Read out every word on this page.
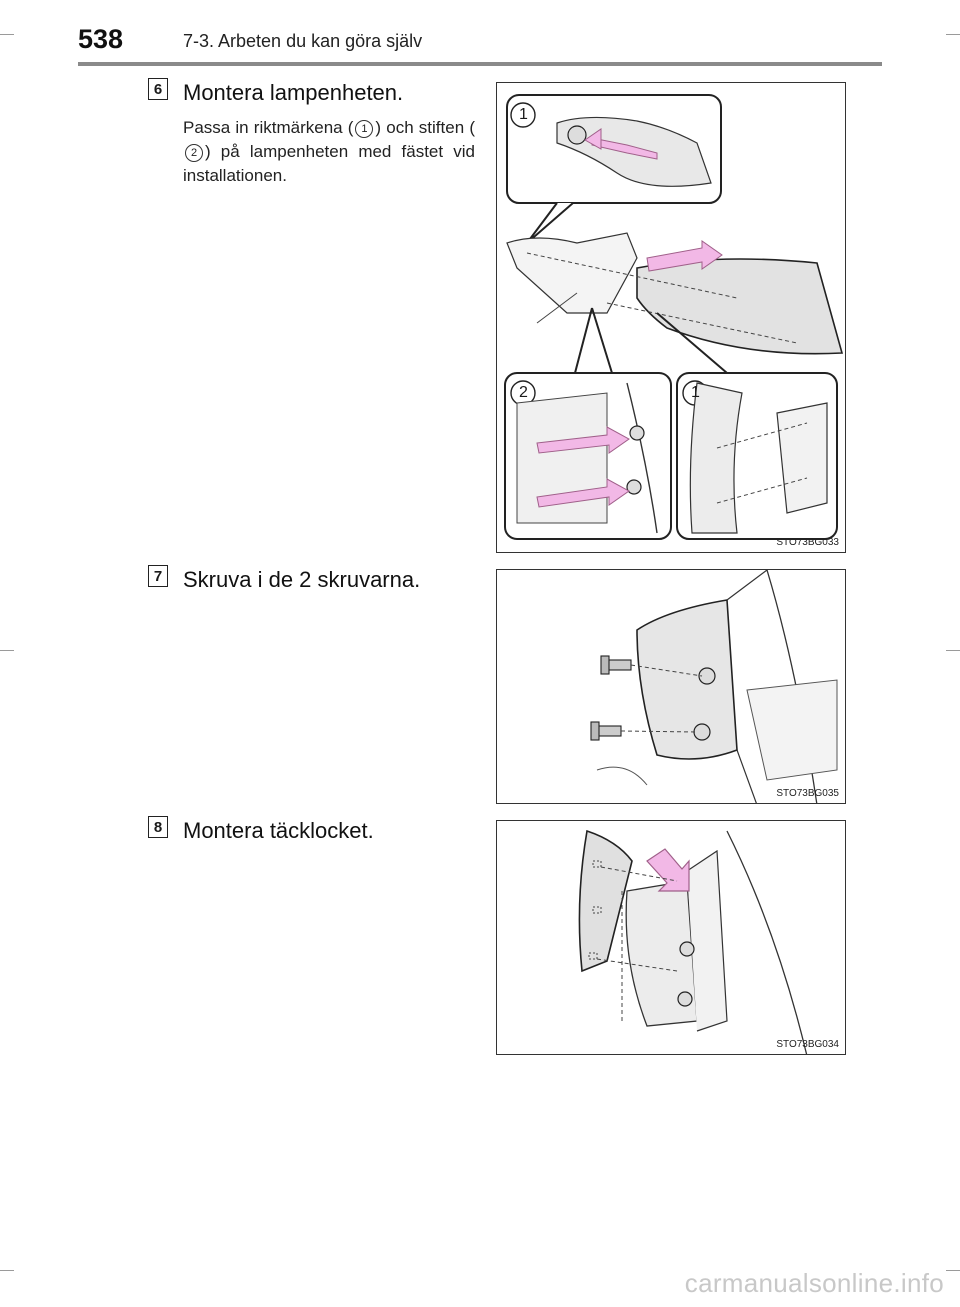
538	7-3. Arbeten du kan göra själv
6 Montera lampenheten.
Passa in riktmärkena ( 1 ) och stiften (2 ) på lampenheten med fästet vid installationen.
1
2	1
STO73BG033
7 Skruva i de 2 skruvarna.
STO73BG035
8 Montera täcklocket.
STO73BG034
carmanualsonline.info
